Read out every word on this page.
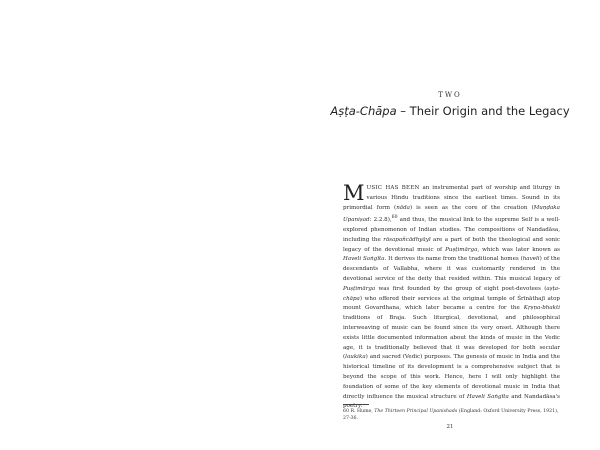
TWO
Aṣṭa-Chāpa – Their Origin and the Legacy
MUSIC HAS BEEN an instrumental part of worship and liturgy in various Hindu traditions since the earliest times. Sound in its primordial form (nāda) is seen as the core of the creation (Muṇḍaka Upaniṣad: 2.2.8),$^{60}$ and thus, the musical link to the supreme Self is a well-explored phenomenon of Indian studies. The compositions of Nandadāsa, including the rāsapañcādhyāyī are a part of both the theological and sonic legacy of the devotional music of Puṣṭimārga, which was later known as Haveli Saṅgīta. It derives its name from the traditional homes (haveli) of the descendants of Vallabha, where it was customarily rendered in the devotional service of the deity that resided within. This musical legacy of Puṣṭimārga was first founded by the group of eight poet-devotees (aṣṭa-chāpa) who offered their services at the original temple of Śrīnāthajī atop mount Govardhana, which later became a centre for the Kṛṣṇa-bhakti traditions of Braja. Such liturgical, devotional, and philosophical interweaving of music can be found since its very onset. Although there exists little documented information about the kinds of music in the Vedic age, it is traditionally believed that it was developed for both secular (laukika) and sacred (Vedic) purposes. The genesis of music in India and the historical timeline of its development is a comprehensive subject that is beyond the scope of this work. Hence, here I will only highlight the foundation of some of the key elements of devotional music in India that directly influence the musical structure of Haveli Saṅgīta and Nandadāsa's poetry.
60 R. Hume, The Thirteen Principal Upanishads (England: Oxford University Press, 1921), 27-36.
21
